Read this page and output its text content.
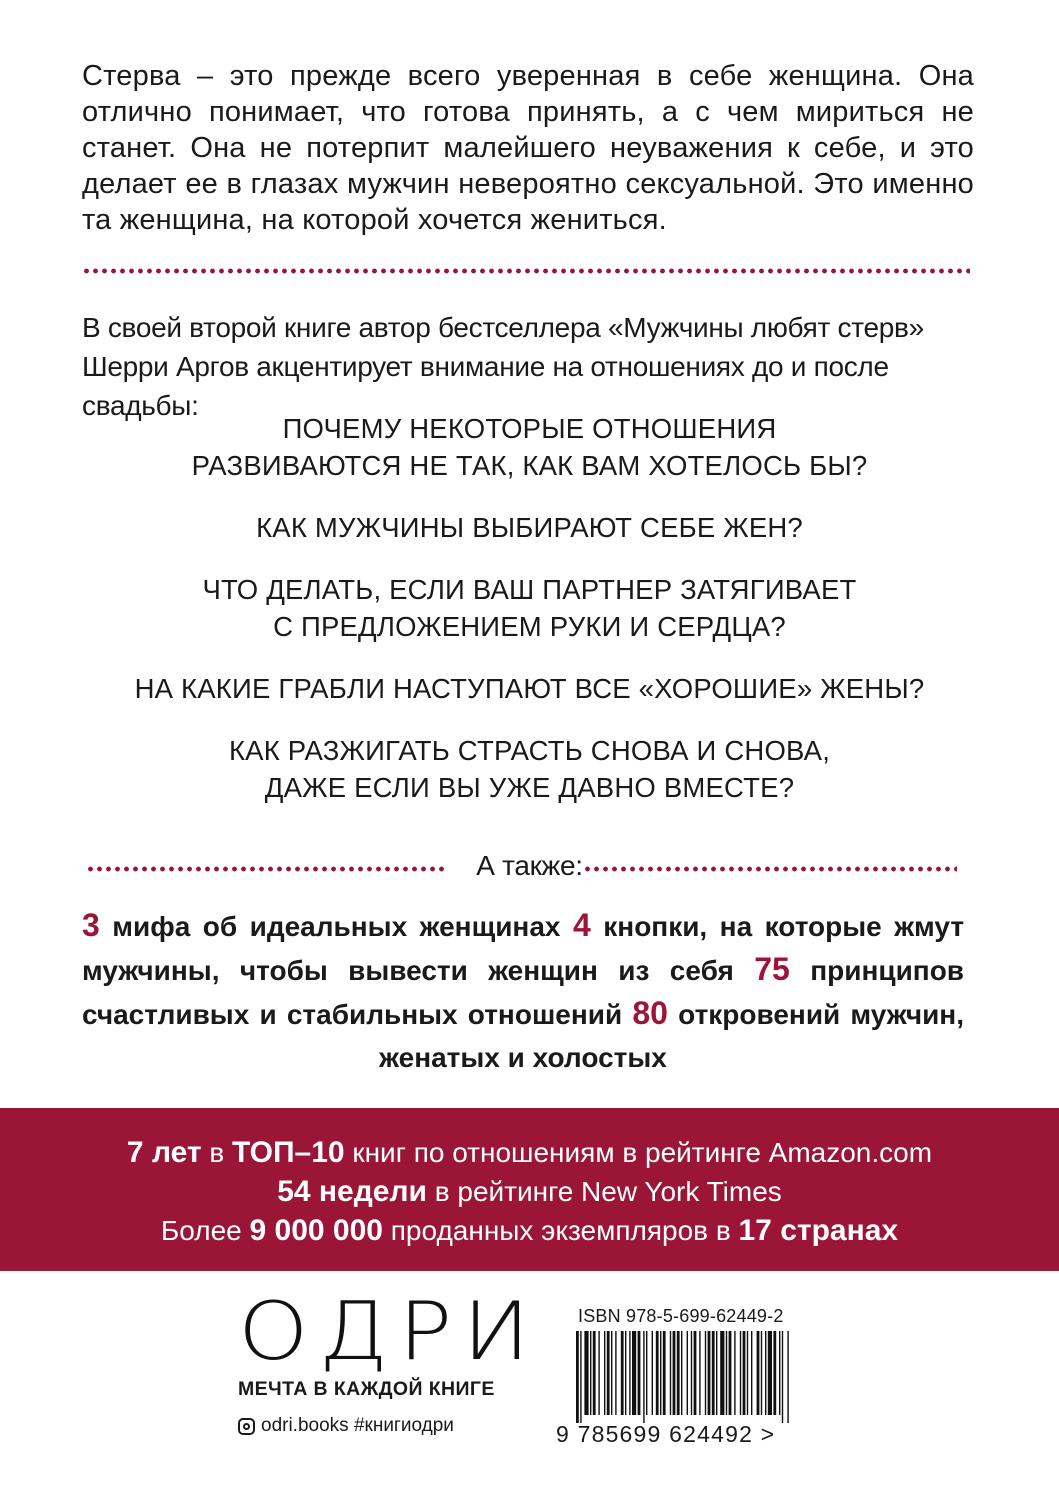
Стерва – это прежде всего уверенная в себе женщина. Она отлично понимает, что готова принять, а с чем мириться не станет. Она не потерпит малейшего неуважения к себе, и это делает ее в глазах мужчин невероятно сексуальной. Это именно та женщина, на которой хочется жениться.
В своей второй книге автор бестселлера «Мужчины любят стерв» Шерри Аргов акцентирует внимание на отношениях до и после свадьбы:
ПОЧЕМУ НЕКОТОРЫЕ ОТНОШЕНИЯ
РАЗВИВАЮТСЯ НЕ ТАК, КАК ВАМ ХОТЕЛОСЬ БЫ?
КАК МУЖЧИНЫ ВЫБИРАЮТ СЕБЕ ЖЕН?
ЧТО ДЕЛАТЬ, ЕСЛИ ВАШ ПАРТНЕР ЗАТЯГИВАЕТ
С ПРЕДЛОЖЕНИЕМ РУКИ И СЕРДЦА?
НА КАКИЕ ГРАБЛИ НАСТУПАЮТ ВСЕ «ХОРОШИЕ» ЖЕНЫ?
КАК РАЗЖИГАТЬ СТРАСТЬ СНОВА И СНОВА,
ДАЖЕ ЕСЛИ ВЫ УЖЕ ДАВНО ВМЕСТЕ?
А также:
3 мифа об идеальных женщинах 4 кнопки, на которые жмут мужчины, чтобы вывести женщин из себя 75 принципов счастливых и стабильных отношений 80 откровений мужчин, женатых и холостых
7 лет в ТОП–10 книг по отношениям в рейтинге Amazon.com
54 недели в рейтинге New York Times
Более 9 000 000 проданных экземпляров в 17 странах
ОДРИ
МЕЧТА В КАЖДОЙ КНИГЕ
odri.books #книгиодри
ISBN 978-5-699-62449-2
9 785699 624492 >
